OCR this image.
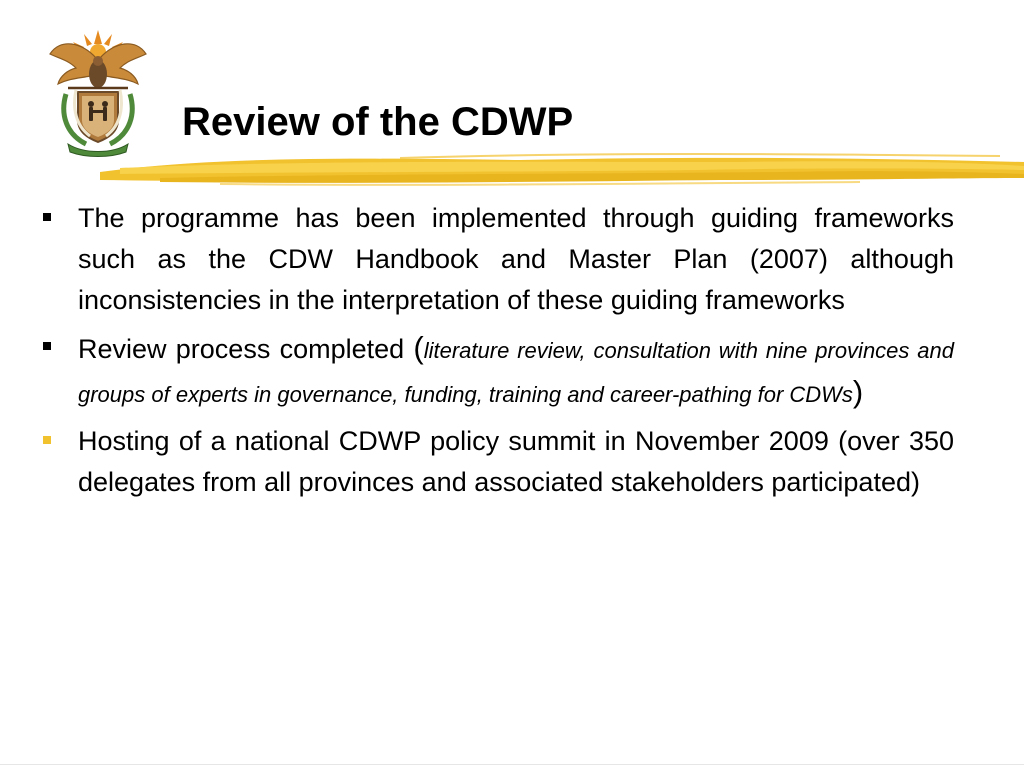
Review of the CDWP
The programme has been implemented through guiding frameworks such as the CDW Handbook and Master Plan (2007) although inconsistencies in the interpretation of these guiding frameworks
Review process completed (literature review, consultation with nine provinces and groups of experts in governance, funding, training and career-pathing for CDWs)
Hosting of a national CDWP policy summit in November 2009 (over 350 delegates from all provinces and associated stakeholders participated)
